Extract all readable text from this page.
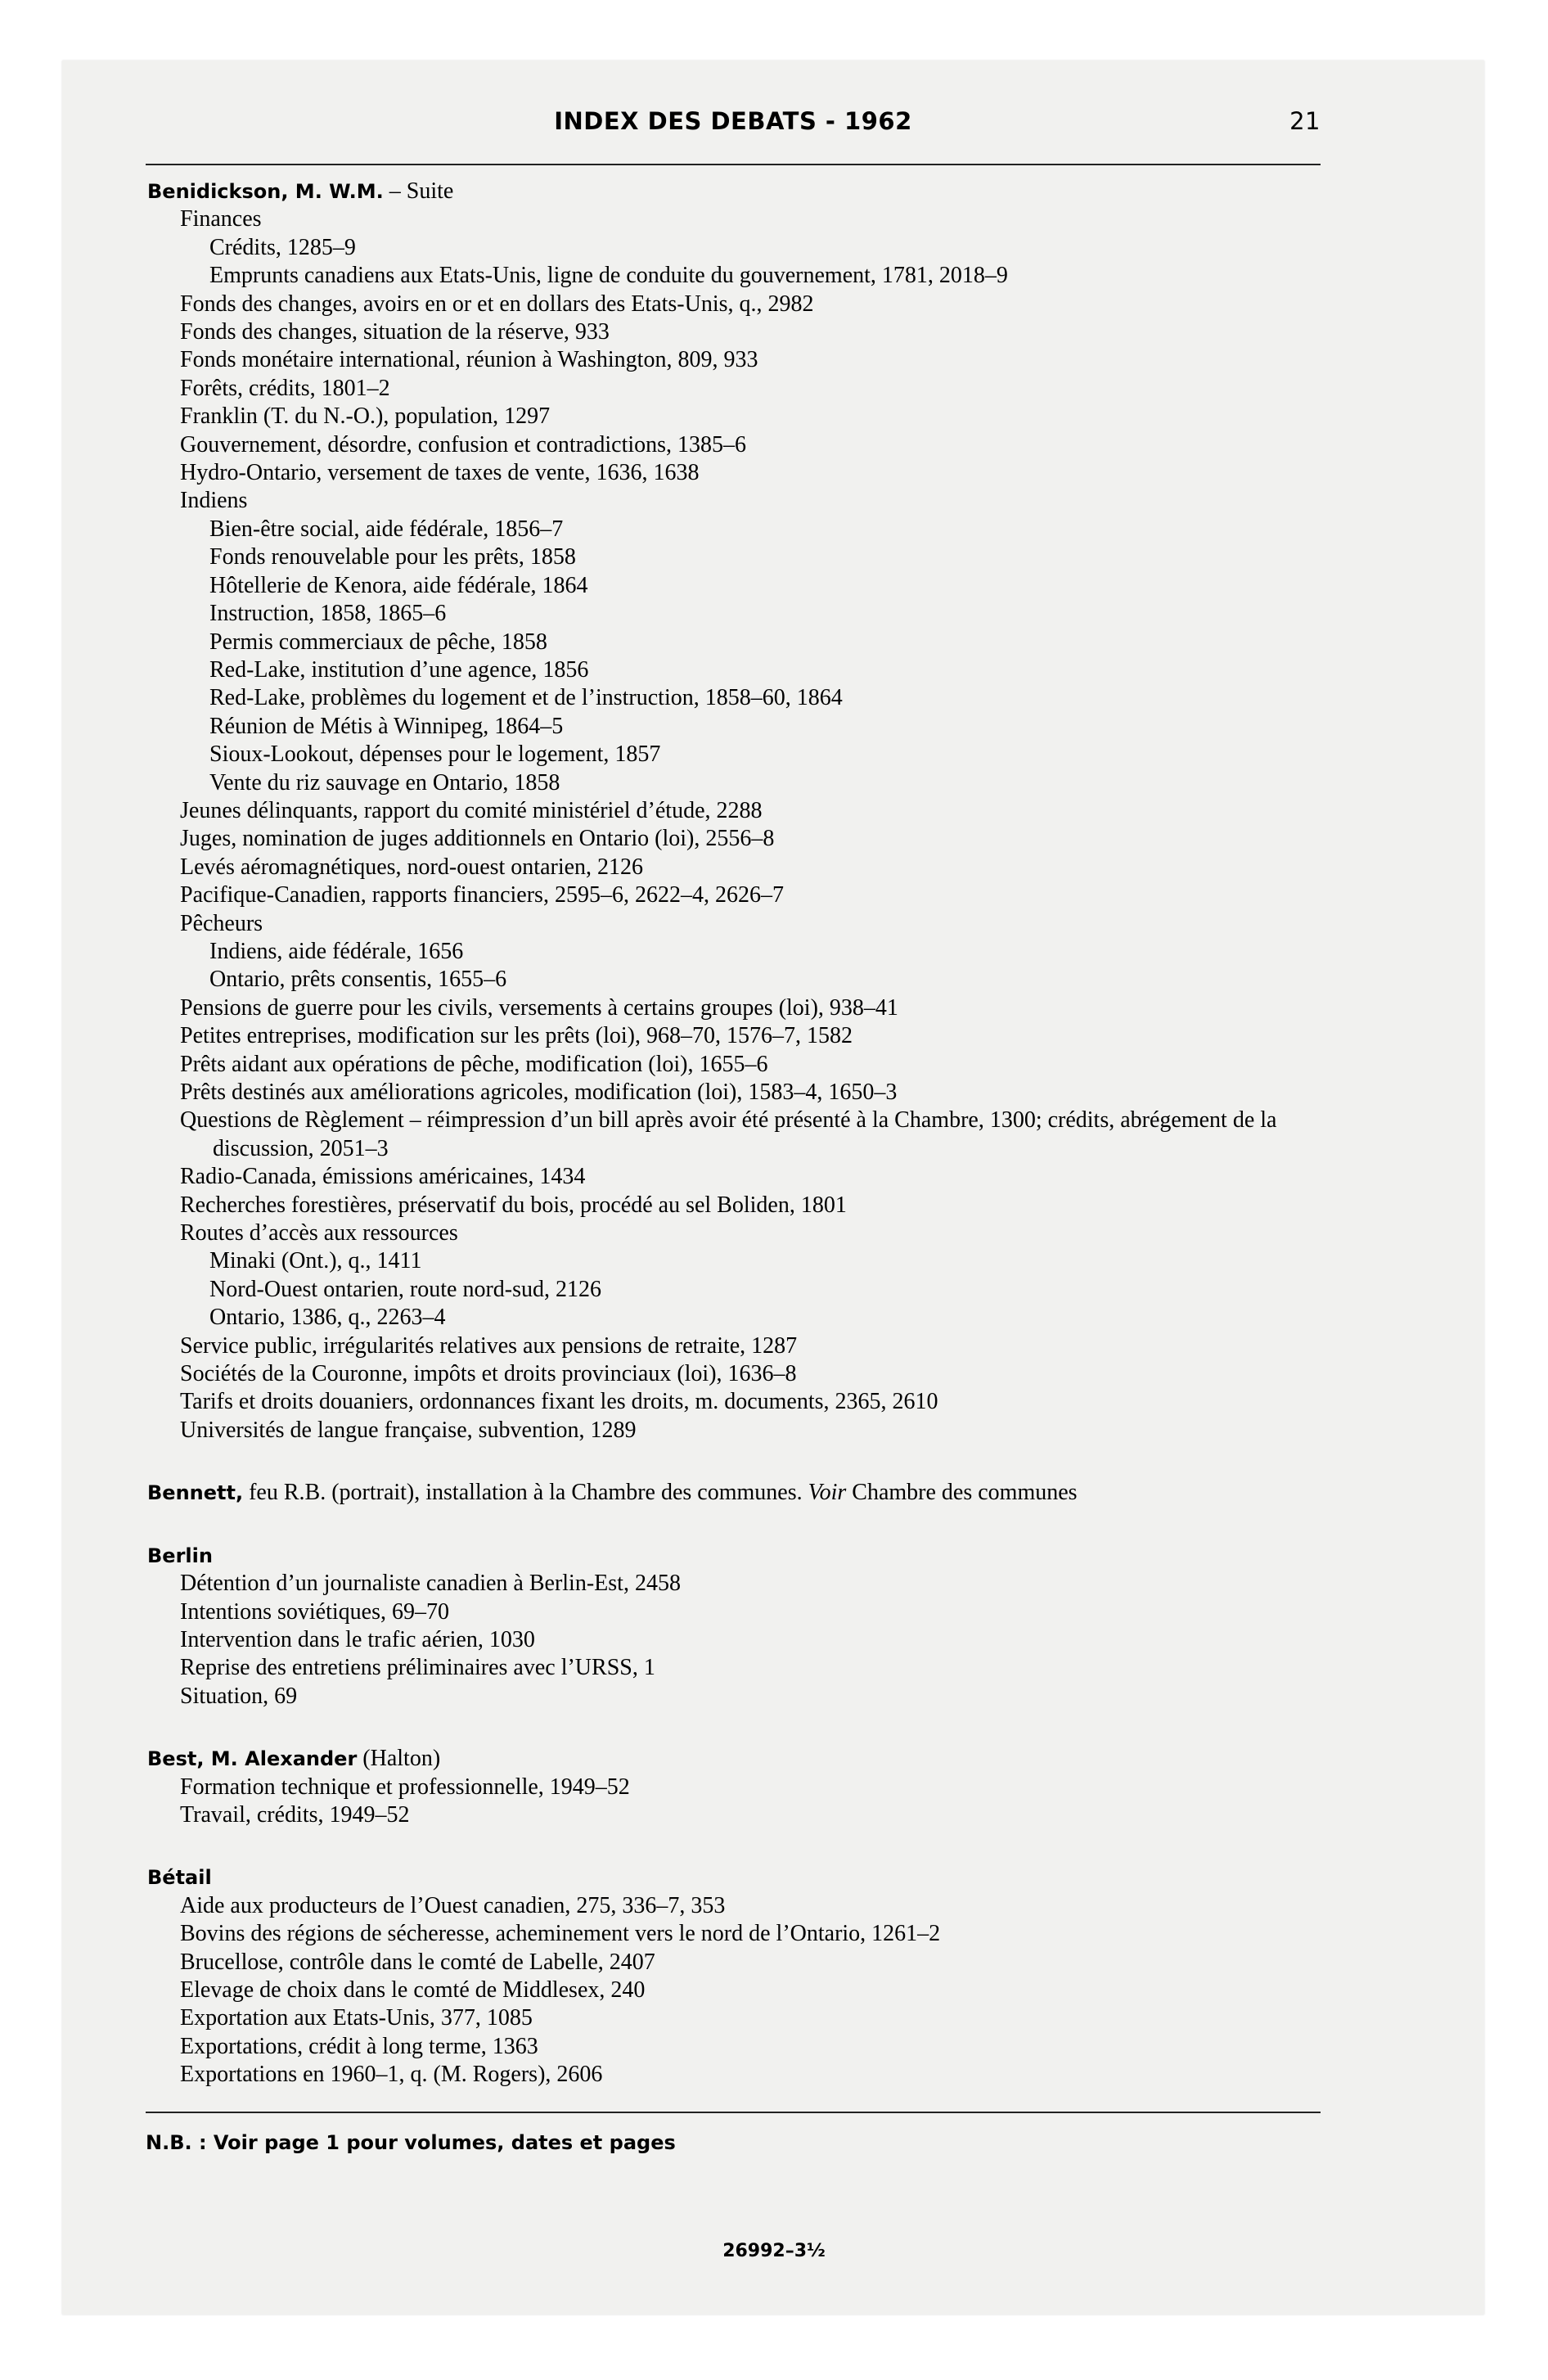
INDEX DES DEBATS - 1962	21
Benidickson, M. W.M. – Suite
Finances
Crédits, 1285–9
Emprunts canadiens aux Etats-Unis, ligne de conduite du gouvernement, 1781, 2018–9
Fonds des changes, avoirs en or et en dollars des Etats-Unis, q., 2982
Fonds des changes, situation de la réserve, 933
Fonds monétaire international, réunion à Washington, 809, 933
Forêts, crédits, 1801–2
Franklin (T. du N.-O.), population, 1297
Gouvernement, désordre, confusion et contradictions, 1385–6
Hydro-Ontario, versement de taxes de vente, 1636, 1638
Indiens
Bien-être social, aide fédérale, 1856–7
Fonds renouvelable pour les prêts, 1858
Hôtellerie de Kenora, aide fédérale, 1864
Instruction, 1858, 1865–6
Permis commerciaux de pêche, 1858
Red-Lake, institution d’une agence, 1856
Red-Lake, problèmes du logement et de l’instruction, 1858–60, 1864
Réunion de Métis à Winnipeg, 1864–5
Sioux-Lookout, dépenses pour le logement, 1857
Vente du riz sauvage en Ontario, 1858
Jeunes délinquants, rapport du comité ministériel d’étude, 2288
Juges, nomination de juges additionnels en Ontario (loi), 2556–8
Levés aéromagnétiques, nord-ouest ontarien, 2126
Pacifique-Canadien, rapports financiers, 2595–6, 2622–4, 2626–7
Pêcheurs
Indiens, aide fédérale, 1656
Ontario, prêts consentis, 1655–6
Pensions de guerre pour les civils, versements à certains groupes (loi), 938–41
Petites entreprises, modification sur les prêts (loi), 968–70, 1576–7, 1582
Prêts aidant aux opérations de pêche, modification (loi), 1655–6
Prêts destinés aux améliorations agricoles, modification (loi), 1583–4, 1650–3
Questions de Règlement – réimpression d’un bill après avoir été présenté à la Chambre, 1300; crédits, abrégement de la discussion, 2051–3
Radio-Canada, émissions américaines, 1434
Recherches forestières, préservatif du bois, procédé au sel Boliden, 1801
Routes d’accès aux ressources
Minaki (Ont.), q., 1411
Nord-Ouest ontarien, route nord-sud, 2126
Ontario, 1386, q., 2263–4
Service public, irrégularités relatives aux pensions de retraite, 1287
Sociétés de la Couronne, impôts et droits provinciaux (loi), 1636–8
Tarifs et droits douaniers, ordonnances fixant les droits, m. documents, 2365, 2610
Universités de langue française, subvention, 1289
Bennett, feu R.B. (portrait), installation à la Chambre des communes. Voir Chambre des communes
Berlin
Détention d’un journaliste canadien à Berlin-Est, 2458
Intentions soviétiques, 69–70
Intervention dans le trafic aérien, 1030
Reprise des entretiens préliminaires avec l’URSS, 1
Situation, 69
Best, M. Alexander (Halton)
Formation technique et professionnelle, 1949–52
Travail, crédits, 1949–52
Bétail
Aide aux producteurs de l’Ouest canadien, 275, 336–7, 353
Bovins des régions de sécheresse, acheminement vers le nord de l’Ontario, 1261–2
Brucellose, contrôle dans le comté de Labelle, 2407
Elevage de choix dans le comté de Middlesex, 240
Exportation aux Etats-Unis, 377, 1085
Exportations, crédit à long terme, 1363
Exportations en 1960–1, q. (M. Rogers), 2606
N.B. : Voir page 1 pour volumes, dates et pages
26992–3½
